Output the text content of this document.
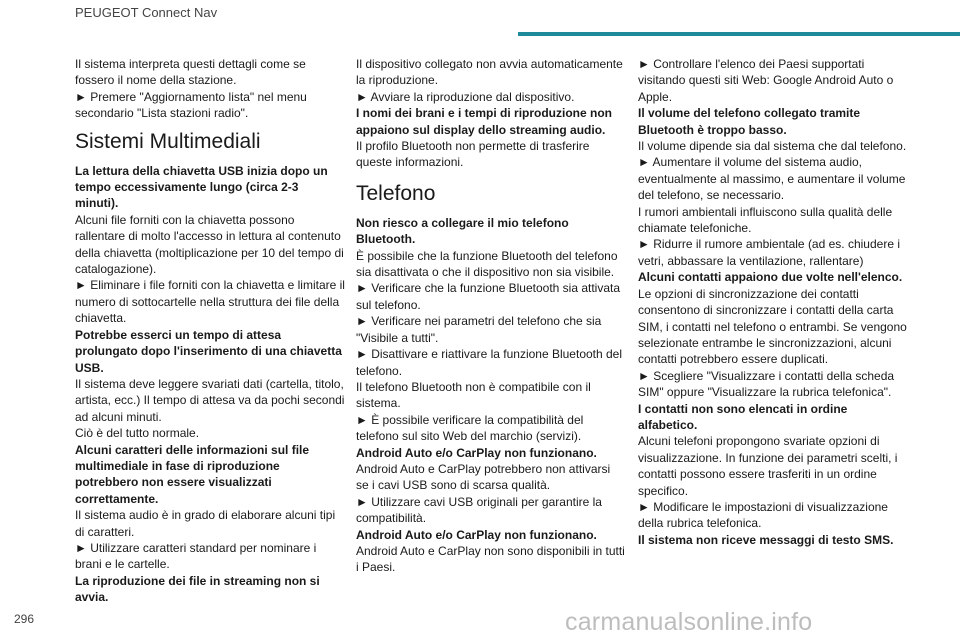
PEUGEOT Connect Nav

Il sistema interpreta questi dettagli come se fossero il nome della stazione.

► Premere "Aggiornamento lista" nel menu secondario "Lista stazioni radio".

Sistemi Multimediali

La lettura della chiavetta USB inizia dopo un tempo eccessivamente lungo (circa 2-3 minuti).

Alcuni file forniti con la chiavetta possono rallentare di molto l'accesso in lettura al contenuto della chiavetta (moltiplicazione per 10 del tempo di catalogazione).

► Eliminare i file forniti con la chiavetta e limitare il numero di sottocartelle nella struttura dei file della chiavetta.

Potrebbe esserci un tempo di attesa prolungato dopo l'inserimento di una chiavetta USB.

Il sistema deve leggere svariati dati (cartella, titolo, artista, ecc.) Il tempo di attesa va da pochi secondi ad alcuni minuti.

Ciò è del tutto normale.

Alcuni caratteri delle informazioni sul file multimediale in fase di riproduzione potrebbero non essere visualizzati correttamente.

Il sistema audio è in grado di elaborare alcuni tipi di caratteri.

► Utilizzare caratteri standard per nominare i brani e le cartelle.

La riproduzione dei file in streaming non si avvia.

Il dispositivo collegato non avvia automaticamente la riproduzione.

► Avviare la riproduzione dal dispositivo.

I nomi dei brani e i tempi di riproduzione non appaiono sul display dello streaming audio.

Il profilo Bluetooth non permette di trasferire queste informazioni.

Telefono

Non riesco a collegare il mio telefono Bluetooth.

È possibile che la funzione Bluetooth del telefono sia disattivata o che il dispositivo non sia visibile.

► Verificare che la funzione Bluetooth sia attivata sul telefono.

► Verificare nei parametri del telefono che sia "Visibile a tutti".

► Disattivare e riattivare la funzione Bluetooth del telefono.

Il telefono Bluetooth non è compatibile con il sistema.

► È possibile verificare la compatibilità del telefono sul sito Web del marchio (servizi).

Android Auto e/o CarPlay non funzionano.

Android Auto e CarPlay potrebbero non attivarsi se i cavi USB sono di scarsa qualità.

► Utilizzare cavi USB originali per garantire la compatibilità.

Android Auto e/o CarPlay non funzionano.

Android Auto e CarPlay non sono disponibili in tutti i Paesi.

► Controllare l'elenco dei Paesi supportati visitando questi siti Web: Google Android Auto o Apple.

Il volume del telefono collegato tramite Bluetooth è troppo basso.

Il volume dipende sia dal sistema che dal telefono.

► Aumentare il volume del sistema audio, eventualmente al massimo, e aumentare il volume del telefono, se necessario.

I rumori ambientali influiscono sulla qualità delle chiamate telefoniche.

► Ridurre il rumore ambientale (ad es. chiudere i vetri, abbassare la ventilazione, rallentare)

Alcuni contatti appaiono due volte nell'elenco.

Le opzioni di sincronizzazione dei contatti consentono di sincronizzare i contatti della carta SIM, i contatti nel telefono o entrambi. Se vengono selezionate entrambe le sincronizzazioni, alcuni contatti potrebbero essere duplicati.

► Scegliere "Visualizzare i contatti della scheda SIM" oppure "Visualizzare la rubrica telefonica".

I contatti non sono elencati in ordine alfabetico.

Alcuni telefoni propongono svariate opzioni di visualizzazione. In funzione dei parametri scelti, i contatti possono essere trasferiti in un ordine specifico.

► Modificare le impostazioni di visualizzazione della rubrica telefonica.

Il sistema non riceve messaggi di testo SMS.

296	carmanualsonline.info
